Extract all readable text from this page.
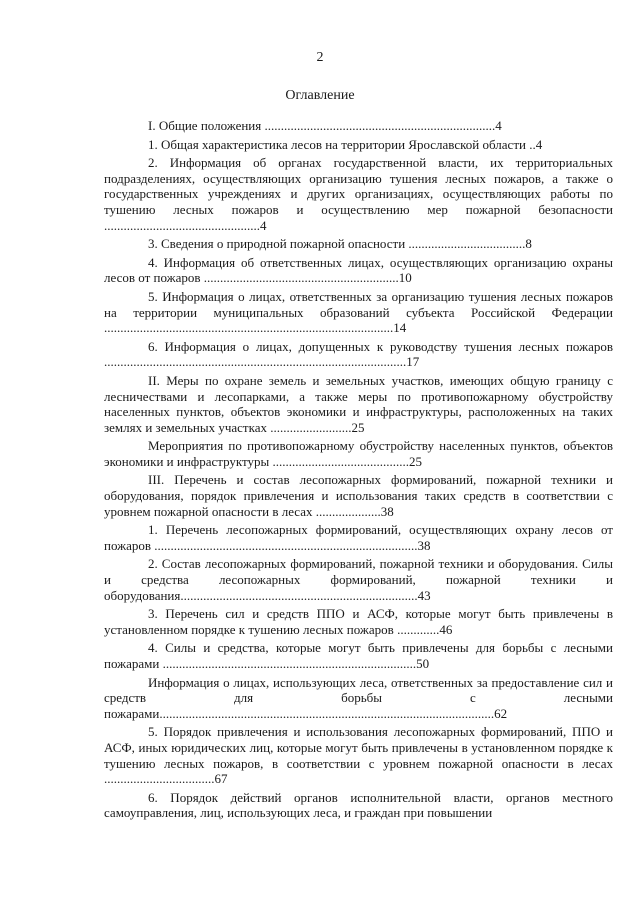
2
Оглавление
I. Общие положения .......................................................................4
1. Общая характеристика лесов на территории Ярославской области ..4
2. Информация об органах государственной власти, их территориальных подразделениях, осуществляющих организацию тушения лесных пожаров, а также о государственных учреждениях и других организациях, осуществляющих работы по тушению лесных пожаров и осуществлению мер пожарной безопасности ................................................4
3. Сведения о природной пожарной опасности ....................................8
4. Информация об ответственных лицах, осуществляющих организацию охраны лесов от пожаров ............................................................10
5. Информация о лицах, ответственных за организацию тушения лесных пожаров на территории муниципальных образований субъекта Российской Федерации .........................................................................................14
6. Информация о лицах, допущенных к руководству тушения лесных пожаров .............................................................................................17
II. Меры по охране земель и земельных участков, имеющих общую границу с лесничествами и лесопарками, а также меры по противопожарному обустройству населенных пунктов, объектов экономики и инфраструктуры, расположенных на таких землях и земельных участках .........................25
Мероприятия по противопожарному обустройству населенных пунктов, объектов экономики и инфраструктуры ..........................................25
III. Перечень и состав лесопожарных формирований, пожарной техники и оборудования, порядок привлечения и использования таких средств в соответствии с уровнем пожарной опасности в лесах ....................38
1. Перечень лесопожарных формирований, осуществляющих охрану лесов от пожаров .................................................................................38
2. Состав лесопожарных формирований, пожарной техники и оборудования. Силы и средства лесопожарных формирований, пожарной техники и оборудования.........................................................................43
3. Перечень сил и средств ППО и АСФ, которые могут быть привлечены в установленном порядке к тушению лесных пожаров .............46
4. Силы и средства, которые могут быть привлечены для борьбы с лесными пожарами ..............................................................................50
Информация о лицах, использующих леса, ответственных за предоставление сил и средств для борьбы с лесными пожарами.......................................................................................................62
5. Порядок привлечения и использования лесопожарных формирований, ППО и АСФ, иных юридических лиц, которые могут быть привлечены в установленном порядке к тушению лесных пожаров, в соответствии с уровнем пожарной опасности в лесах ..................................67
6. Порядок действий органов исполнительной власти, органов местного самоуправления, лиц, использующих леса, и граждан при повышении
